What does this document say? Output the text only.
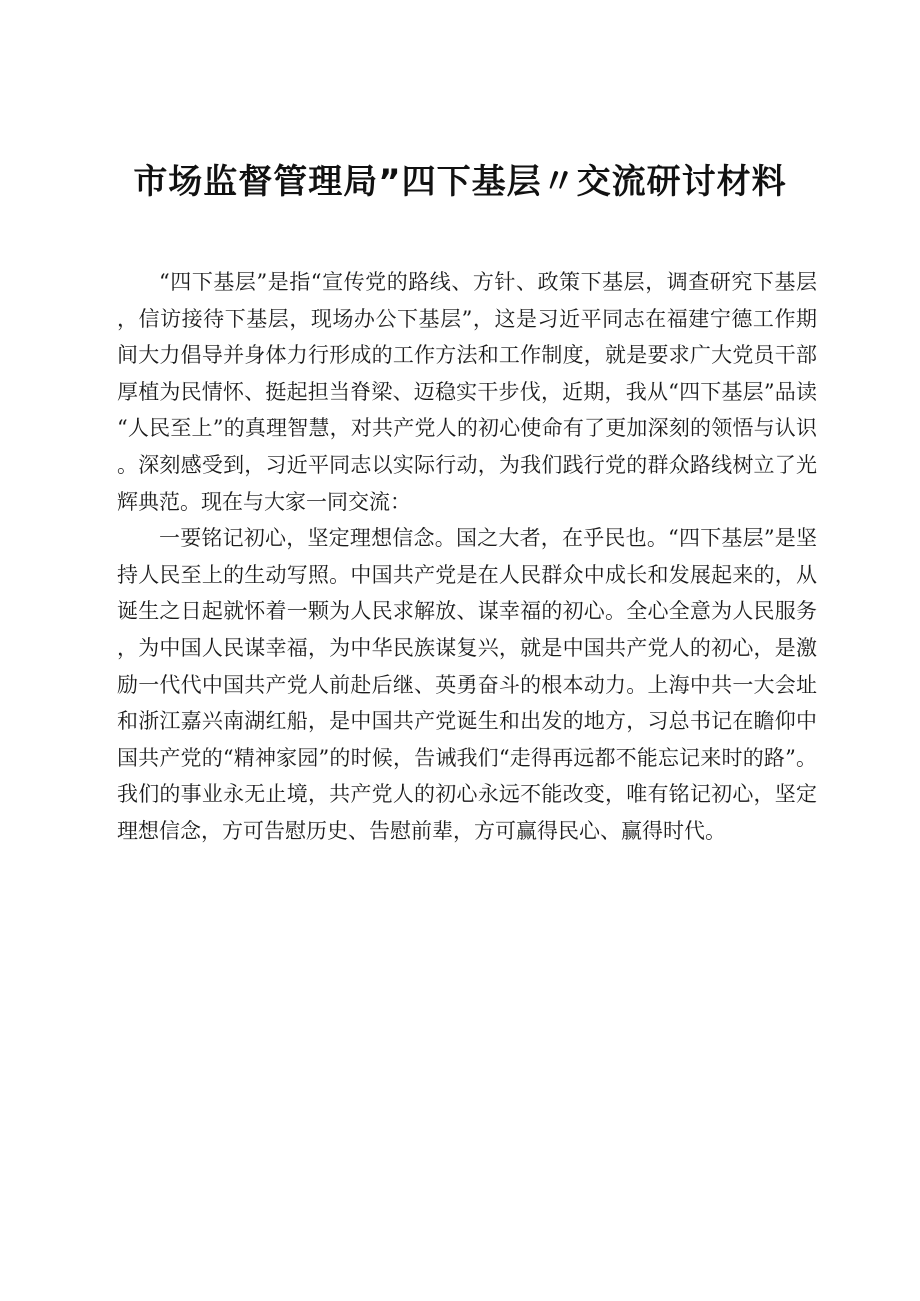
市场监督管理局”四下基层〃交流研讨材料

“四下基层”是指“宣传党的路线、方针、政策下基层，调查研究下基层，信访接待下基层，现场办公下基层”，这是习近平同志在福建宁德工作期间大力倡导并身体力行形成的工作方法和工作制度，就是要求广大党员干部厚植为民情怀、挺起担当脊梁、迈稳实干步伐，近期，我从“四下基层”品读“人民至上”的真理智慧，对共产党人的初心使命有了更加深刻的领悟与认识。深刻感受到，习近平同志以实际行动，为我们践行党的群众路线树立了光辉典范。现在与大家一同交流：

一要铭记初心，坚定理想信念。国之大者，在乎民也。“四下基层”是坚持人民至上的生动写照。中国共产党是在人民群众中成长和发展起来的，从诞生之日起就怀着一颗为人民求解放、谋幸福的初心。全心全意为人民服务，为中国人民谋幸福，为中华民族谋复兴，就是中国共产党人的初心，是激励一代代中国共产党人前赴后继、英勇奋斗的根本动力。上海中共一大会址和浙江嘉兴南湖红船，是中国共产党诞生和出发的地方，习总书记在瞻仰中国共产党的“精神家园”的时候，告诫我们“走得再远都不能忘记来时的路”。我们的事业永无止境，共产党人的初心永远不能改变，唯有铭记初心，坚定理想信念，方可告慰历史、告慰前辈，方可赢得民心、赢得时代。
